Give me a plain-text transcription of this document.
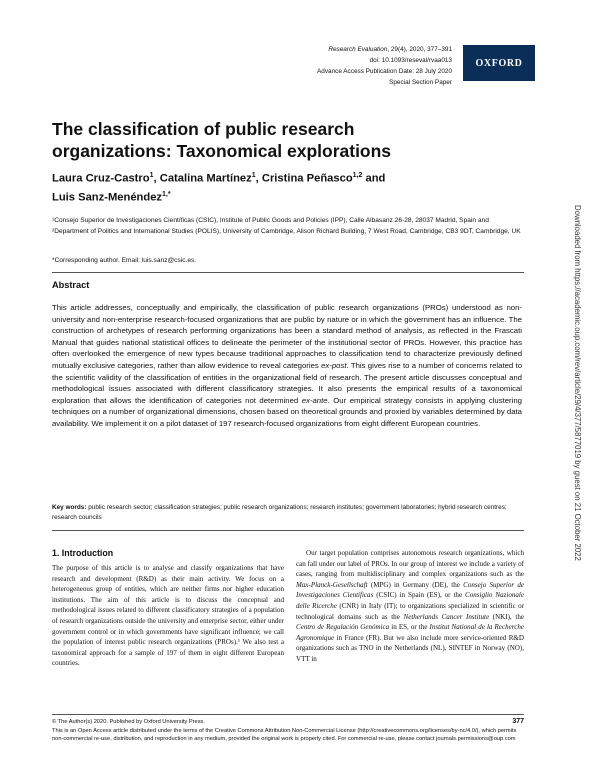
Research Evaluation, 29(4), 2020, 377–391
doi: 10.1093/reseval/rvaa013
Advance Access Publication Date: 28 July 2020
Special Section Paper
OXFORD
The classification of public research organizations: Taxonomical explorations
Laura Cruz-Castro$^1$, Catalina Martínez$^1$, Cristina Peñasco$^{1,2}$ and
Luis Sanz-Menéndez$^{1,*}$
¹Consejo Superior de Investigaciones Científicas (CSIC), Institute of Public Goods and Policies (IPP), Calle Albasanz 26-28, 28037 Madrid, Spain and ²Department of Politics and International Studies (POLIS), University of Cambridge, Alison Richard Building, 7 West Road, Cambridge, CB3 9DT, Cambridge, UK
*Corresponding author. Email: luis.sanz@csic.es.
Abstract
This article addresses, conceptually and empirically, the classification of public research organizations (PROs) understood as non-university and non-enterprise research-focused organizations that are public by nature or in which the government has an influence. The construction of archetypes of research performing organizations has been a standard method of analysis, as reflected in the Frascati Manual that guides national statistical offices to delineate the perimeter of the institutional sector of PROs. However, this practice has often overlooked the emergence of new types because traditional approaches to classification tend to characterize previously defined mutually exclusive categories, rather than allow evidence to reveal categories ex-post. This gives rise to a number of concerns related to the scientific validity of the classification of entities in the organizational field of research. The present article discusses conceptual and methodological issues associated with different classificatory strategies. It also presents the empirical results of a taxonomical exploration that allows the identification of categories not determined ex-ante. Our empirical strategy consists in applying clustering techniques on a number of organizational dimensions, chosen based on theoretical grounds and proxied by variables determined by data availability. We implement it on a pilot dataset of 197 research-focused organizations from eight different European countries.
Key words: public research sector; classification strategies; public research organizations; research institutes; government laboratories; hybrid research centres; research councils
1. Introduction

The purpose of this article is to analyse and classify organizations that have research and development (R&D) as their main activity. We focus on a heterogeneous group of entities, which are neither firms nor higher education institutions. The aim of this article is to discuss the conceptual and methodological issues related to different classificatory strategies of a population of research organizations outside the university and enterprise sector, either under government control or in which governments have significant influence; we call the population of interest public research organizations (PROs).¹ We also test a taxonomical approach for a sample of 197 of them in eight different European countries.

Our target population comprises autonomous research organizations, which can fall under our label of PROs. In our group of interest we include a variety of cases, ranging from multidisciplinary and complex organizations such as the Max-Planck-Gesellschaft (MPG) in Germany (DE), the Consejo Superior de Investigaciones Científicas (CSIC) in Spain (ES), or the Consiglio Nazionale delle Ricerche (CNR) in Italy (IT); to organizations specialized in scientific or technological domains such as the Netherlands Cancer Institute (NKI), the Centro de Regulación Genómica in ES, or the Institut National de la Recherche Agronomique in France (FR). But we also include more service-oriented R&D organizations such as TNO in the Netherlands (NL), SINTEF in Norway (NO), VTT in

© The Author(s) 2020. Published by Oxford University Press.
This is an Open Access article distributed under the terms of the Creative Commons Attribution Non-Commercial License (http://creativecommons.org/licenses/by-nc/4.0/), which permits non-commercial re-use, distribution, and reproduction in any medium, provided the original work is properly cited. For commercial re-use, please contact journals.permissions@oup.com
377
Downloaded from https://academic.oup.com/rev/article/29/4/377/5877019 by guest on 21 October 2022
